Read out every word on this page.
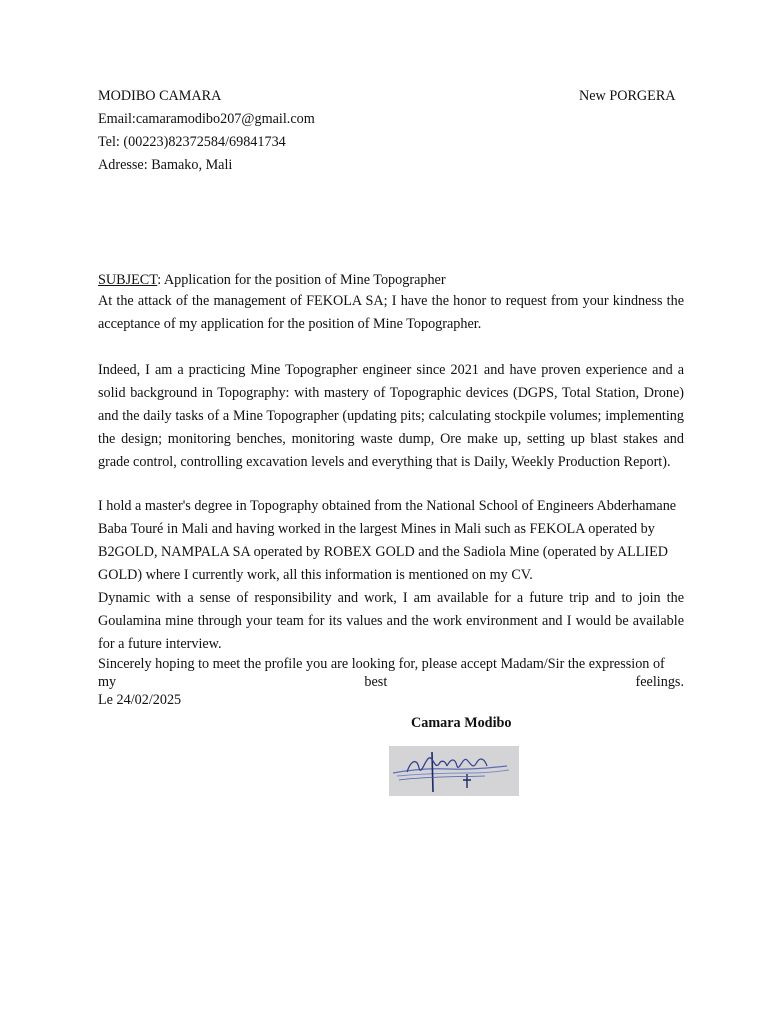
MODIBO CAMARA	New PORGERA
Email:camaramodibo207@gmail.com
Tel: (00223)82372584/69841734
Adresse: Bamako, Mali
SUBJECT: Application for the position of Mine Topographer
At the attack of the management of FEKOLA SA; I have the honor to request from your kindness the acceptance of my application for the position of Mine Topographer.
Indeed, I am a practicing Mine Topographer engineer since 2021 and have proven experience and a solid background in Topography: with mastery of Topographic devices (DGPS, Total Station, Drone) and the daily tasks of a Mine Topographer (updating pits; calculating stockpile volumes; implementing the design; monitoring benches, monitoring waste dump, Ore make up, setting up blast stakes and grade control, controlling excavation levels and everything that is Daily, Weekly Production Report).
I hold a master's degree in Topography obtained from the National School of Engineers Abderhamane
Baba Touré in Mali and having worked in the largest Mines in Mali such as FEKOLA operated by
B2GOLD, NAMPALA SA operated by ROBEX GOLD and the Sadiola Mine (operated by ALLIED
GOLD) where I currently work, all this information is mentioned on my CV.
Dynamic with a sense of responsibility and work, I am available for a future trip and to join the Goulamina mine through your team for its values and the work environment and I would be available for a future interview.
Sincerely hoping to meet the profile you are looking for, please accept Madam/Sir the expression of
my best feelings.
Le 24/02/2025
Camara Modibo
